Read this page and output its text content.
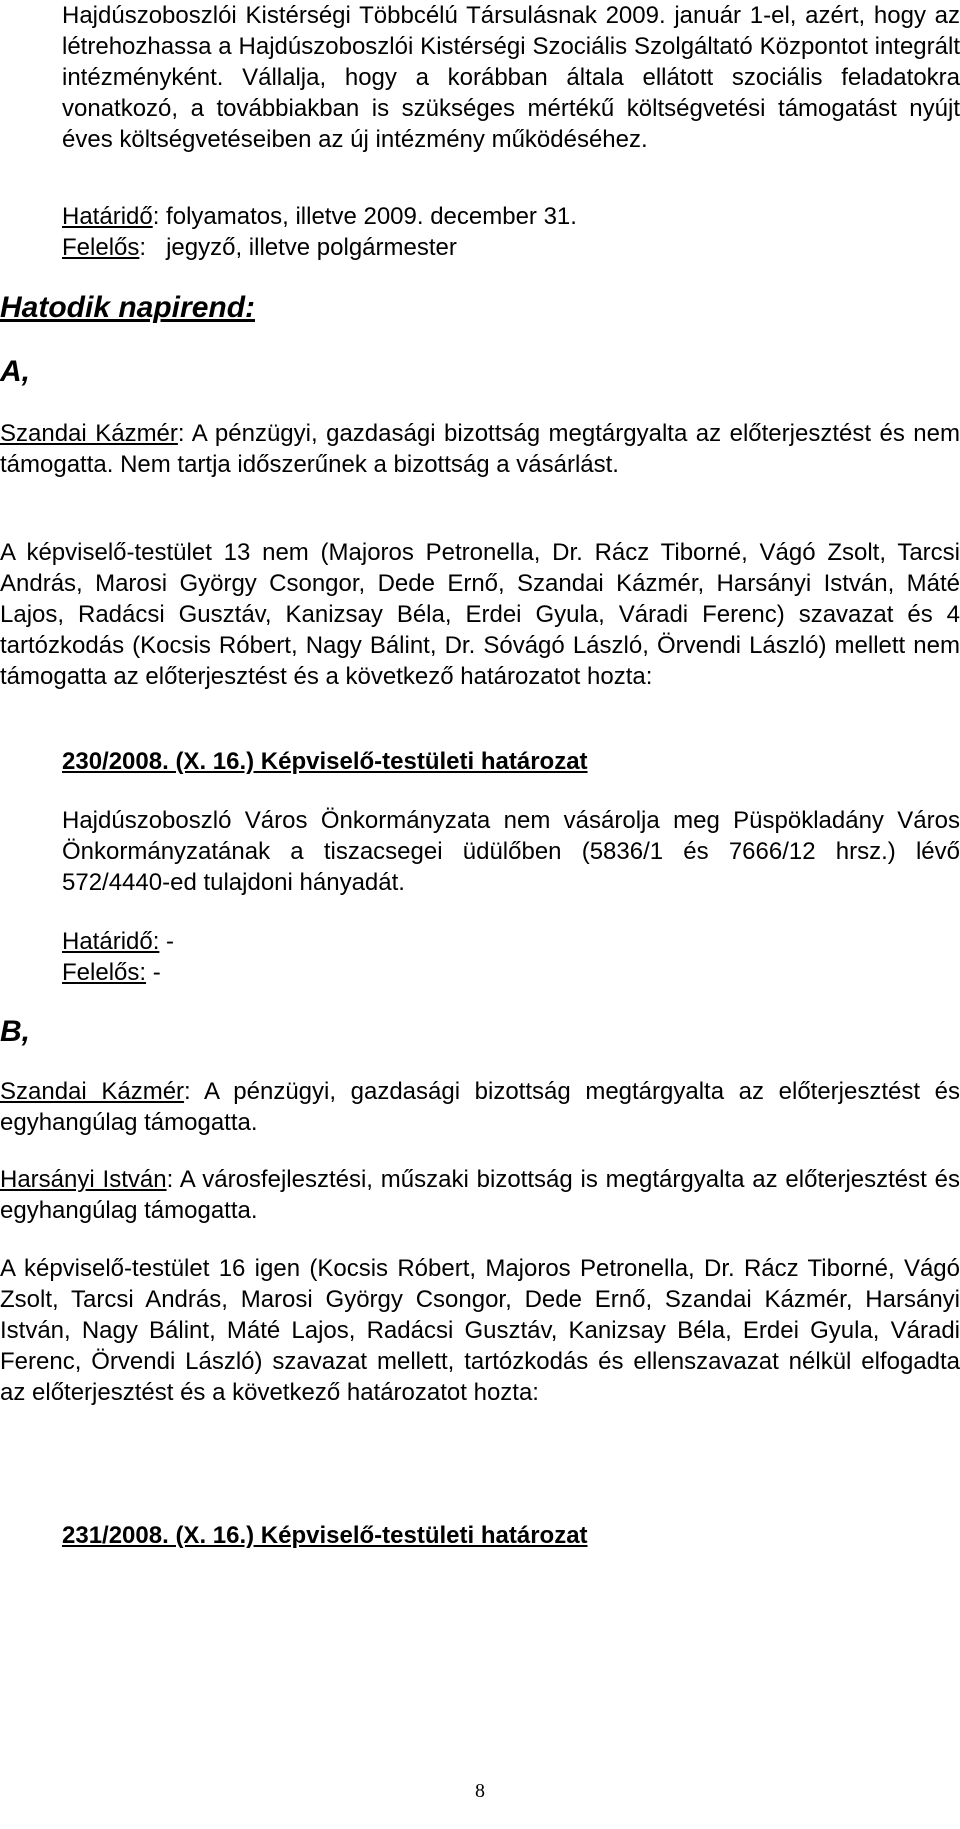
Hajdúszoboszlói Kistérségi Többcélú Társulásnak 2009. január 1-el, azért, hogy az létrehozhassa a Hajdúszoboszlói Kistérségi Szociális Szolgáltató Központot integrált intézményként. Vállalja, hogy a korábban általa ellátott szociális feladatokra vonatkozó, a továbbiakban is szükséges mértékű költségvetési támogatást nyújt éves költségvetéseiben az új intézmény működéséhez.

Határidő: folyamatos, illetve 2009. december 31.

Felelős: jegyző, illetve polgármester

Hatodik napirend:

A,

Szandai Kázmér: A pénzügyi, gazdasági bizottság megtárgyalta az előterjesztést és nem támogatta. Nem tartja időszerűnek a bizottság a vásárlást.

A képviselő-testület 13 nem (Majoros Petronella, Dr. Rácz Tiborné, Vágó Zsolt, Tarcsi András, Marosi György Csongor, Dede Ernő, Szandai Kázmér, Harsányi István, Máté Lajos, Radácsi Gusztáv, Kanizsay Béla, Erdei Gyula, Váradi Ferenc) szavazat és 4 tartózkodás (Kocsis Róbert, Nagy Bálint, Dr. Sóvágó László, Örvendi László) mellett nem támogatta az előterjesztést és a következő határozatot hozta:

230/2008. (X. 16.) Képviselő-testületi határozat

Hajdúszoboszló Város Önkormányzata nem vásárolja meg Püspökladány Város Önkormányzatának a tiszacsegei üdülőben (5836/1 és 7666/12 hrsz.) lévő 572/4440-ed tulajdoni hányadát.

Határidő: -

Felelős: -

B,

Szandai Kázmér: A pénzügyi, gazdasági bizottság megtárgyalta az előterjesztést és egyhangúlag támogatta.

Harsányi István: A városfejlesztési, műszaki bizottság is megtárgyalta az előterjesztést és egyhangúlag támogatta.

A képviselő-testület 16 igen (Kocsis Róbert, Majoros Petronella, Dr. Rácz Tiborné, Vágó Zsolt, Tarcsi András, Marosi György Csongor, Dede Ernő, Szandai Kázmér, Harsányi István, Nagy Bálint, Máté Lajos, Radácsi Gusztáv, Kanizsay Béla, Erdei Gyula, Váradi Ferenc, Örvendi László) szavazat mellett, tartózkodás és ellenszavazat nélkül elfogadta az előterjesztést és a következő határozatot hozta:

231/2008. (X. 16.) Képviselő-testületi határozat

8
